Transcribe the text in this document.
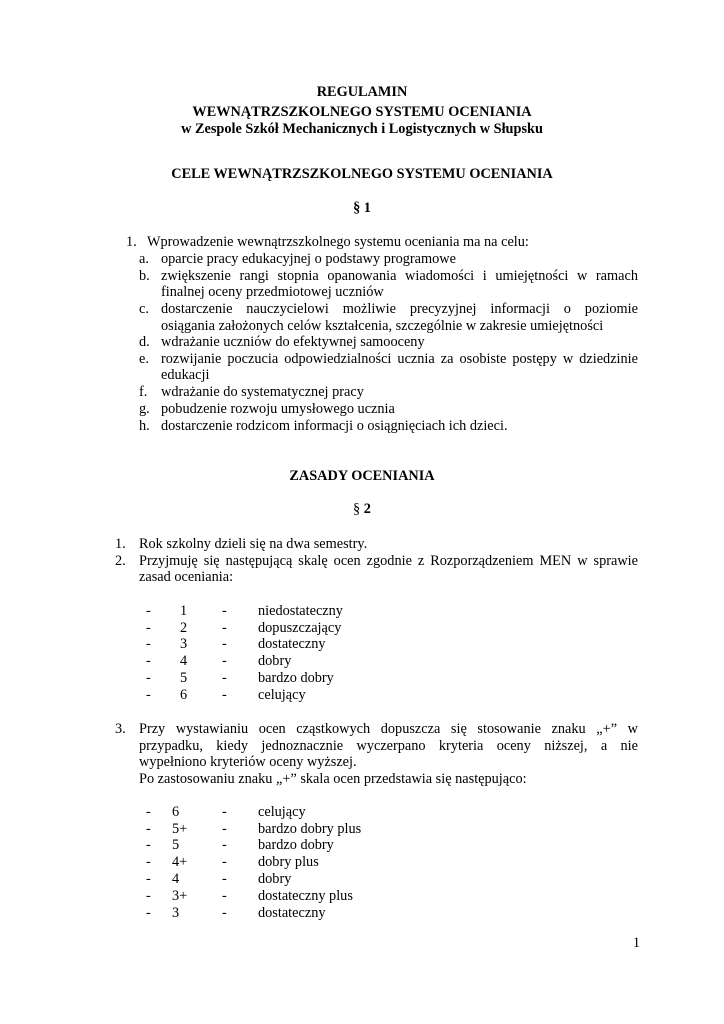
REGULAMIN
WEWNĄTRZSZKOLNEGO SYSTEMU OCENIANIA
w Zespole Szkół Mechanicznych i Logistycznych w Słupsku
CELE WEWNĄTRZSZKOLNEGO SYSTEMU OCENIANIA
§ 1
1. Wprowadzenie wewnątrzszkolnego systemu oceniania ma na celu:
a. oparcie pracy edukacyjnej o podstawy programowe
b. zwiększenie rangi stopnia opanowania wiadomości i umiejętności w ramach
finalnej oceny przedmiotowej uczniów
c. dostarczenie nauczycielowi możliwie precyzyjnej informacji o poziomie
osiągania założonych celów kształcenia, szczególnie w zakresie umiejętności
d. wdrażanie uczniów do efektywnej samooceny
e. rozwijanie poczucia odpowiedzialności ucznia za osobiste postępy w dziedzinie
edukacji
f. wdrażanie do systematycznej pracy
g. pobudzenie rozwoju umysłowego ucznia
h. dostarczenie rodzicom informacji o osiągnięciach ich dzieci.
ZASADY OCENIANIA
§ 2
1. Rok szkolny dzieli się na dwa semestry.
2. Przyjmuję się następującą skalę ocen zgodnie z Rozporządzeniem MEN w sprawie
zasad oceniania:
- 1 - niedostateczny
- 2 - dopuszczający
- 3 - dostateczny
- 4 - dobry
- 5 - bardzo dobry
- 6 - celujący
3. Przy wystawianiu ocen cząstkowych dopuszcza się stosowanie znaku „+” w
przypadku, kiedy jednoznacznie wyczerpano kryteria oceny niższej, a nie
wypełniono kryteriów oceny wyższej.
Po zastosowaniu znaku „+” skala ocen przedstawia się następująco:
- 6	- celujący
- 5+ - bardzo dobry plus
- 5	- bardzo dobry
- 4+ - dobry plus
- 4	- dobry
- 3+ - dostateczny plus
- 3	- dostateczny
1
